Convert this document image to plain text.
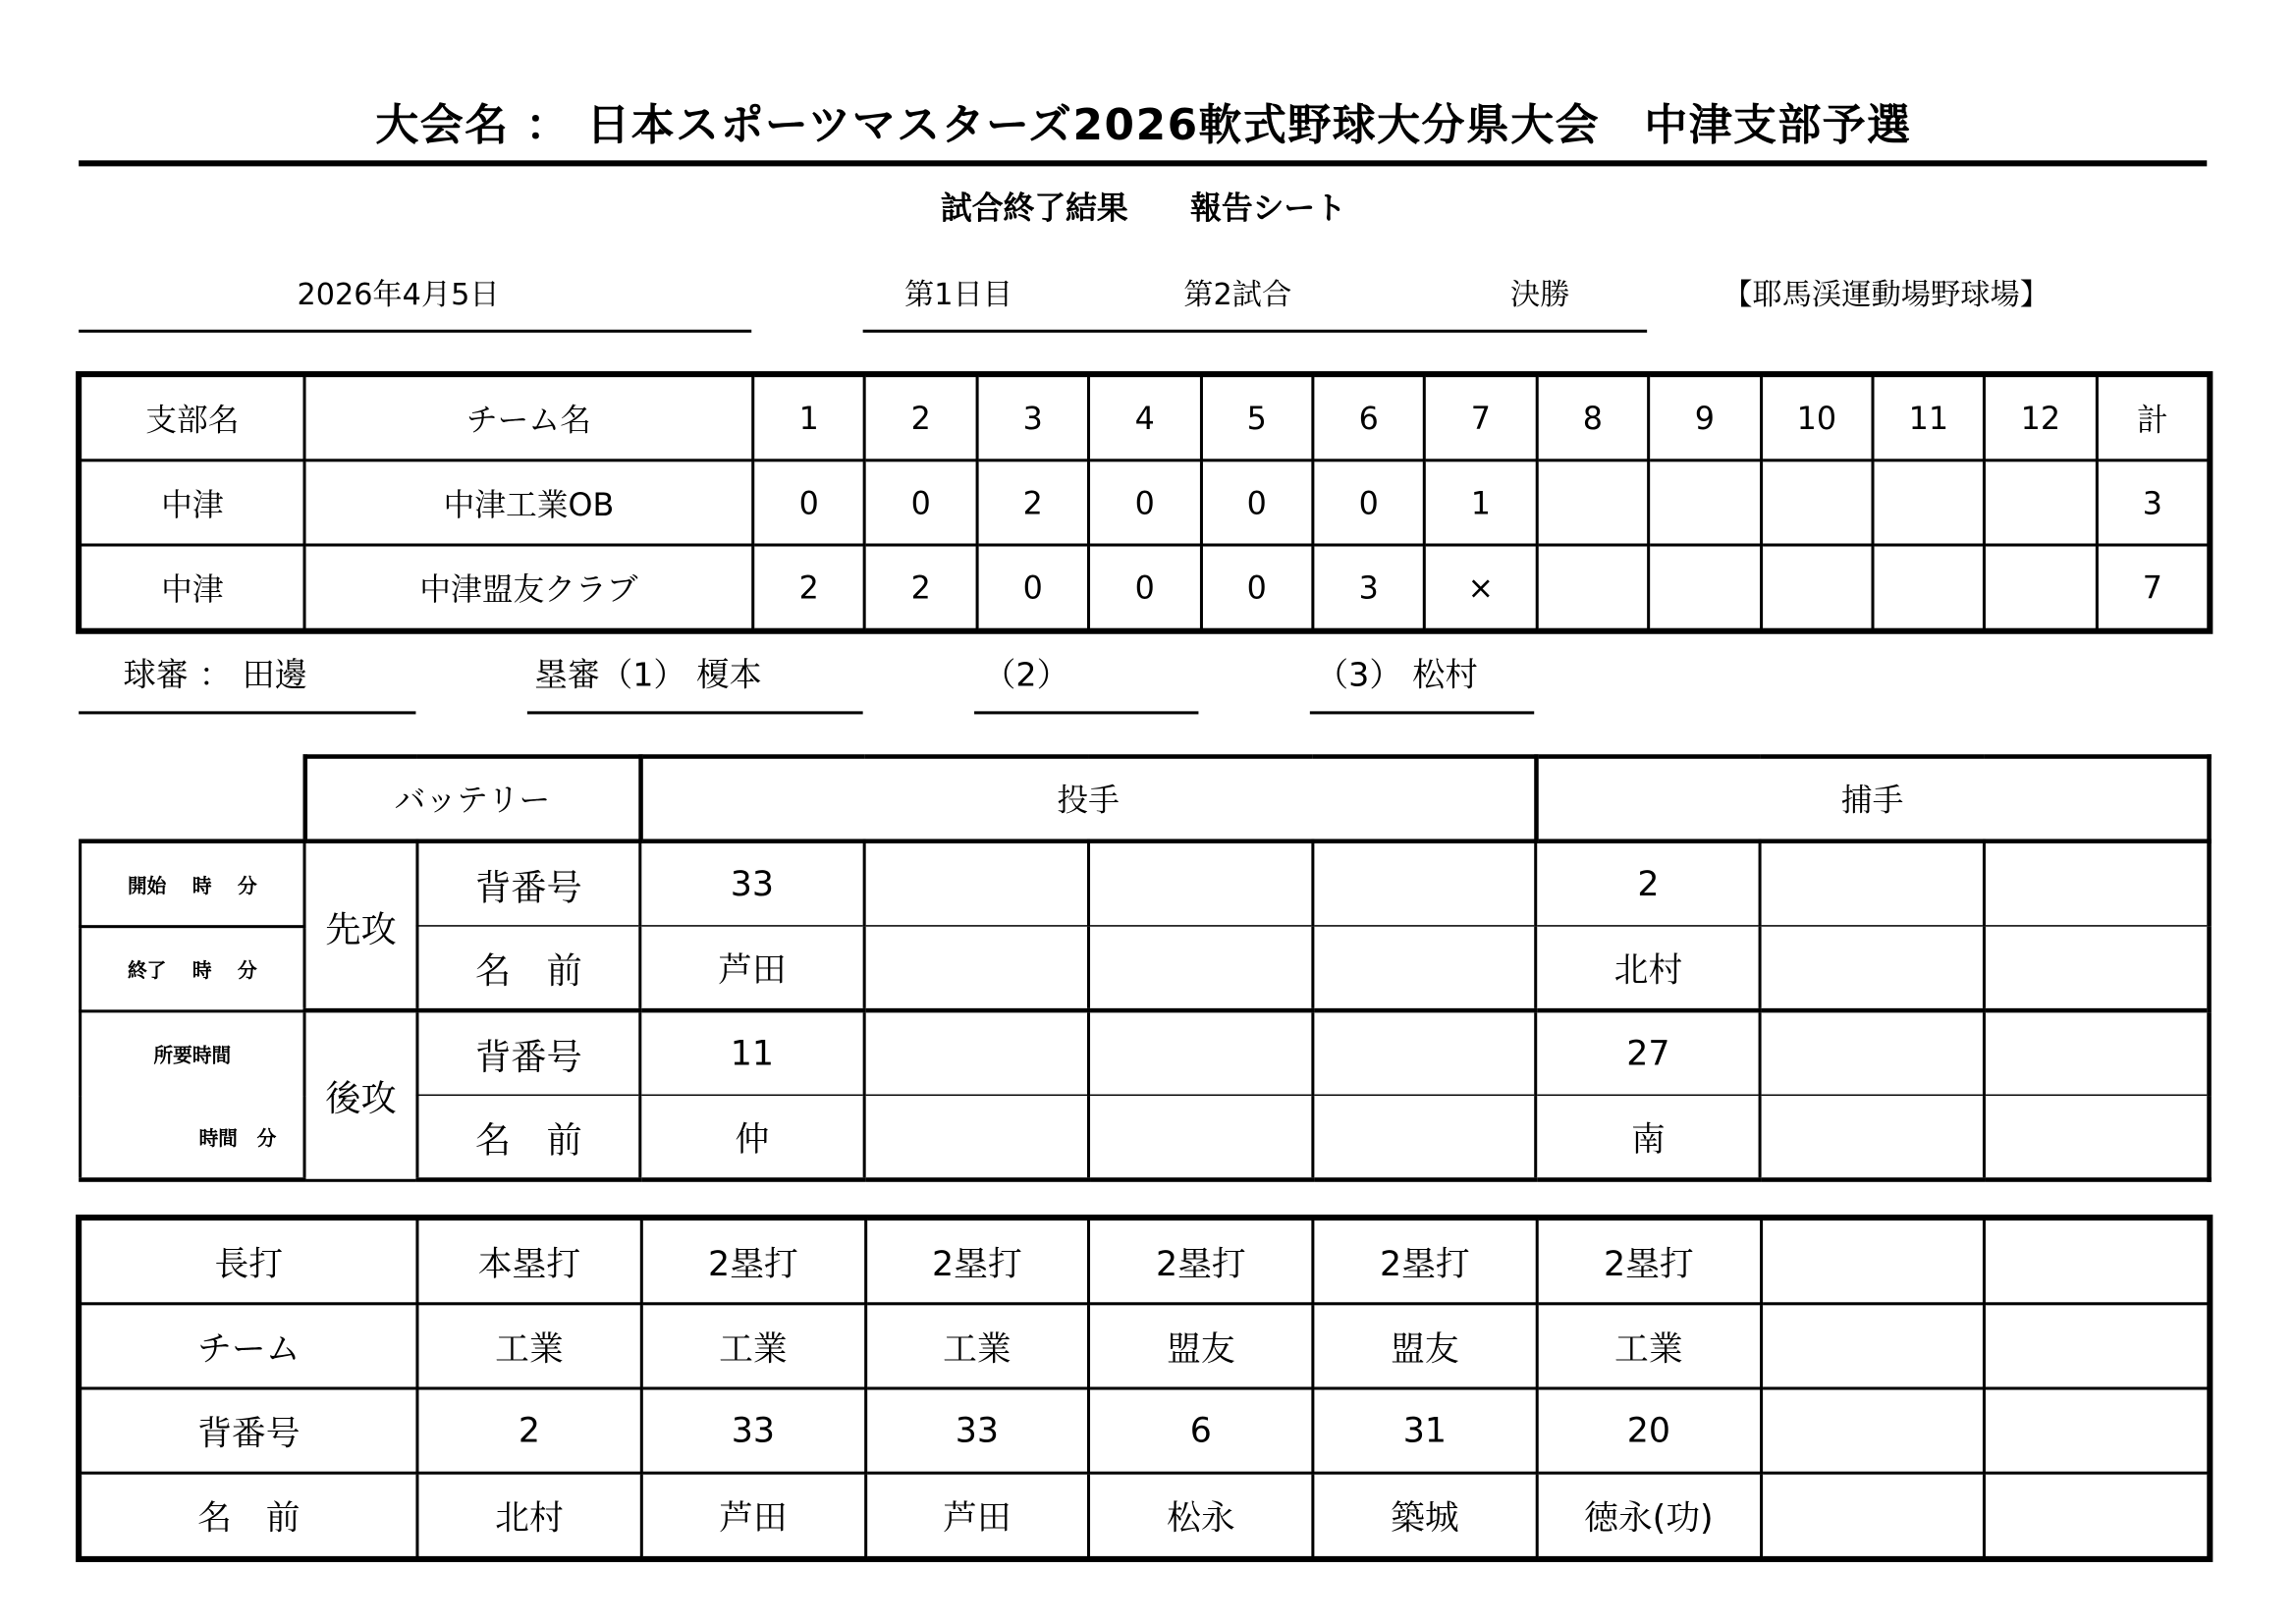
大会名 ： 日本スポーツマスターズ2026軟式野球大分県大会　中津支部予選
試合終了結果　　報告シート
2026年4月5日	第1日目	第2試合	決勝	【耶馬渓運動場野球場】
支部名	チーム名	1	2	3	4	5	6	7	8	9	10	11	12	計
中津	中津工業OB	0	0	2	0	0	0	1						3
中津	中津盟友クラブ	2	2	0	0	0	3	×						7
球審 ： 田邊	塁審（1） 榎本	（2）	（3） 松村
	バッテリー		投手				捕手		
開始　 時　 分	先攻	背番号	33				2		
終了　 時　 分		名　前	芦田				北村		
所要時間	後攻	背番号	11				27		
時間　分		名　前	仲				南		
長打	本塁打	2塁打	2塁打	2塁打	2塁打	2塁打		
チーム	工業	工業	工業	盟友	盟友	工業		
背番号	2	33	33	6	31	20		
名　前	北村	芦田	芦田	松永	築城	徳永(功)		
